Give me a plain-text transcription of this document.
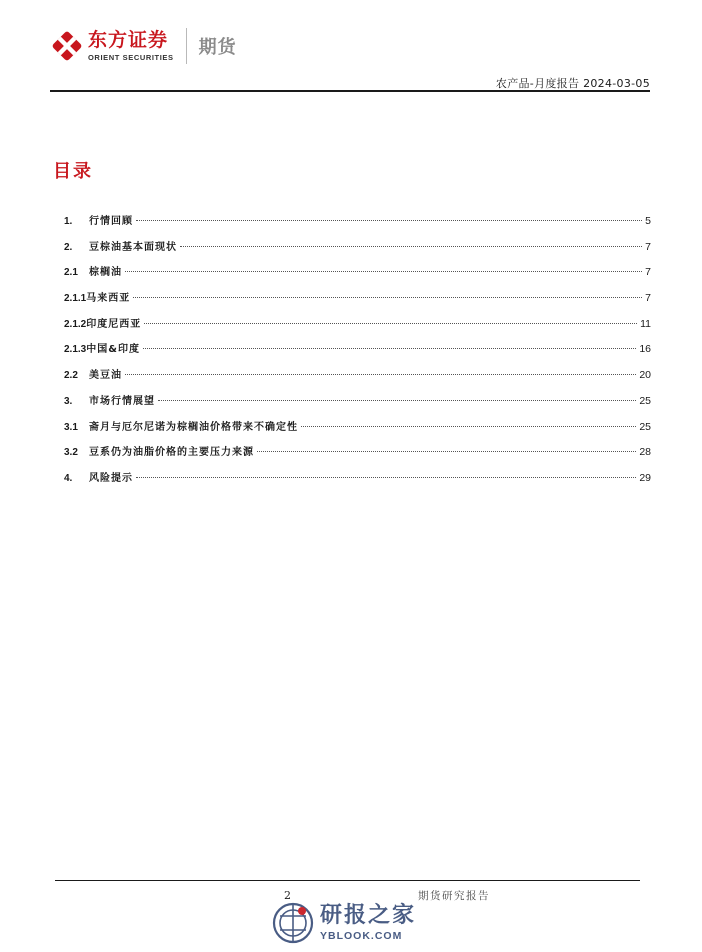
东方证券
ORIENT SECURITIES 期货
农产品-月度报告 2024-03-05
目录
1.	行情回顾	5
2.	豆棕油基本面现状	7
2.1	棕榈油	7
2.1.1 马来西亚	7
2.1.2 印度尼西亚	11
2.1.3 中国&印度	16
2.2	美豆油	20
3.	市场行情展望	25
3.1	斋月与厄尔尼诺为棕榈油价格带来不确定性	25
3.2	豆系仍为油脂价格的主要压力来源	28
4.	风险提示	29
2	期货研究报告
研报之家
YBLOOK.COM
